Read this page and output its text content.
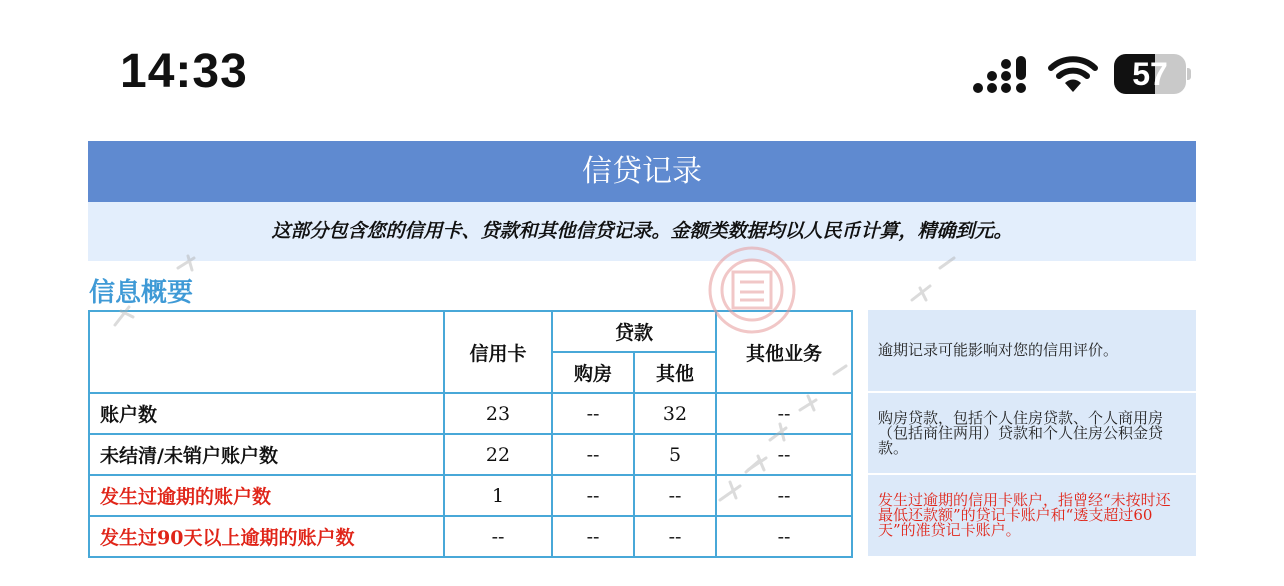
14:33	57
信贷记录
这部分包含您的信用卡、贷款和其他信贷记录。金额类数据均以人民币计算，精确到元。
信息概要
	信用卡	贷款		其他业务
		购房	其他	
账户数	23	--	32	--
未结清/未销户账户数	22	--	5	--
发生过逾期的账户数	1	--	--	--
发生过90天以上逾期的账户数	--	--	--	--
逾期记录可能影响对您的信用评价。
购房贷款，包括个人住房贷款、个人商用房（包括商住两用）贷款和个人住房公积金贷款。
发生过逾期的信用卡账户，指曾经“未按时还最低还款额”的贷记卡账户和“透支超过60天”的准贷记卡账户。
